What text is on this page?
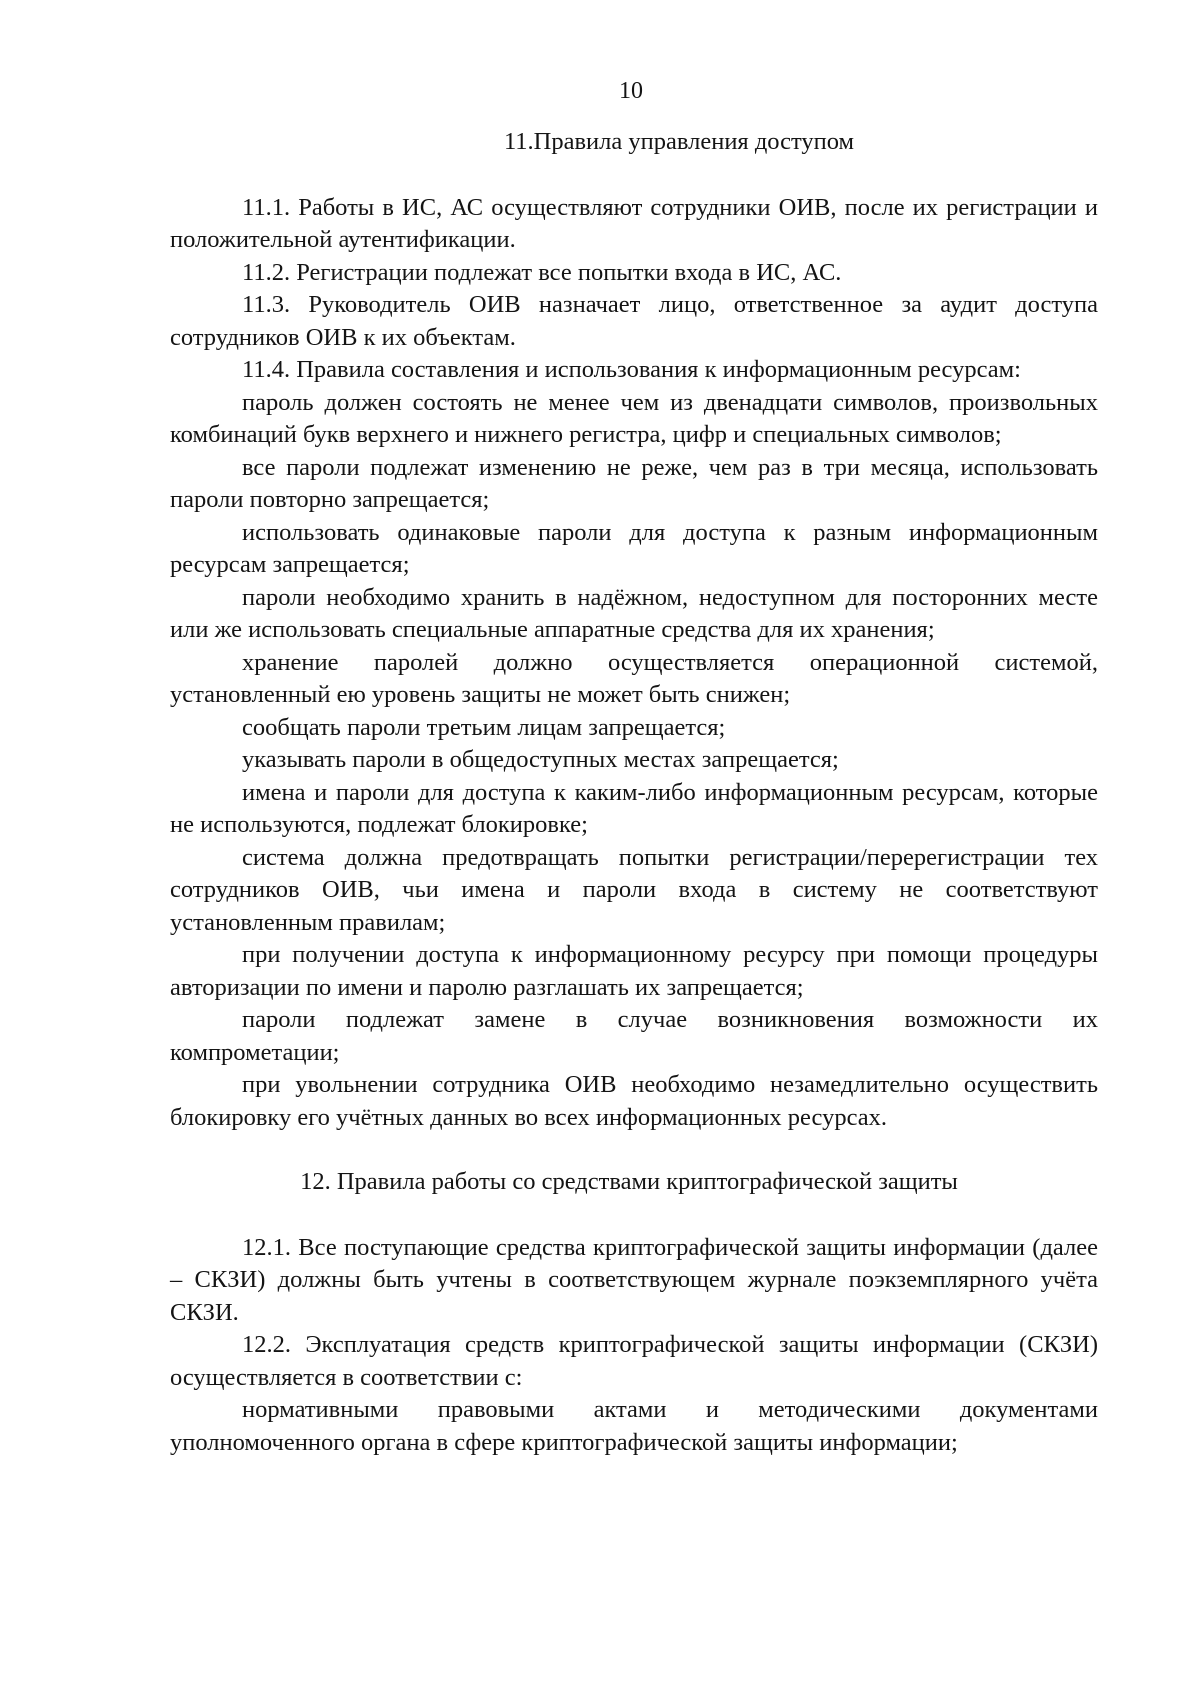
10
11.Правила управления доступом

11.1. Работы в ИС, АС осуществляют сотрудники ОИВ, после их регистрации и положительной аутентификации.

11.2. Регистрации подлежат все попытки входа в ИС, АС.

11.3. Руководитель ОИВ назначает лицо, ответственное за аудит доступа сотрудников ОИВ к их объектам.

11.4. Правила составления и использования к информационным ресурсам:

пароль должен состоять не менее чем из двенадцати символов, произвольных комбинаций букв верхнего и нижнего регистра, цифр и специальных символов;

все пароли подлежат изменению не реже, чем раз в три месяца, использовать пароли повторно запрещается;

использовать одинаковые пароли для доступа к разным информационным ресурсам запрещается;

пароли необходимо хранить в надёжном, недоступном для посторонних месте или же использовать специальные аппаратные средства для их хранения;

хранение паролей должно осуществляется операционной системой, установленный ею уровень защиты не может быть снижен;

сообщать пароли третьим лицам запрещается;

указывать пароли в общедоступных местах запрещается;

имена и пароли для доступа к каким-либо информационным ресурсам, которые не используются, подлежат блокировке;

система должна предотвращать попытки регистрации/перерегистрации тех сотрудников ОИВ, чьи имена и пароли входа в систему не соответствуют установленным правилам;

при получении доступа к информационному ресурсу при помощи процедуры авторизации по имени и паролю разглашать их запрещается;

пароли подлежат замене в случае возникновения возможности их компрометации;

при увольнении сотрудника ОИВ необходимо незамедлительно осуществить блокировку его учётных данных во всех информационных ресурсах.

12. Правила работы со средствами криптографической защиты

12.1. Все поступающие средства криптографической защиты информации (далее – СКЗИ) должны быть учтены в соответствующем журнале поэкземплярного учёта СКЗИ.

12.2. Эксплуатация средств криптографической защиты информации (СКЗИ) осуществляется в соответствии с:

нормативными правовыми актами и методическими документами уполномоченного органа в сфере криптографической защиты информации;
